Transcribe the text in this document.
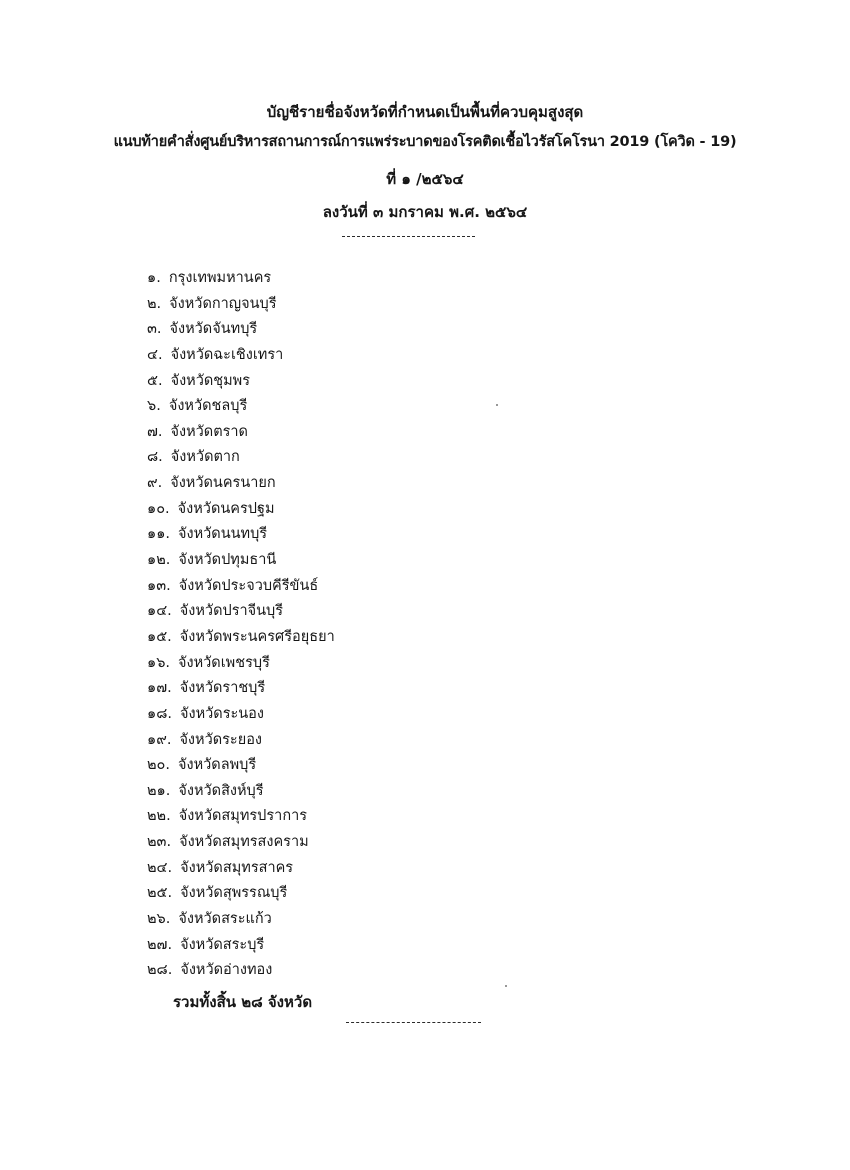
บัญชีรายชื่อจังหวัดที่กำหนดเป็นพื้นที่ควบคุมสูงสุด
แนบท้ายคำสั่งศูนย์บริหารสถานการณ์การแพร่ระบาดของโรคติดเชื้อไวรัสโคโรนา 2019 (โควิด - 19)
ที่ ๑ /๒๕๖๔
ลงวันที่ ๓ มกราคม พ.ศ. ๒๕๖๔
๑. กรุงเทพมหานคร
๒. จังหวัดกาญจนบุรี
๓. จังหวัดจันทบุรี
๔. จังหวัดฉะเชิงเทรา
๕. จังหวัดชุมพร
๖. จังหวัดชลบุรี
๗. จังหวัดตราด
๘. จังหวัดตาก
๙. จังหวัดนครนายก
๑๐. จังหวัดนครปฐม
๑๑. จังหวัดนนทบุรี
๑๒. จังหวัดปทุมธานี
๑๓. จังหวัดประจวบคีรีขันธ์
๑๔. จังหวัดปราจีนบุรี
๑๕. จังหวัดพระนครศรีอยุธยา
๑๖. จังหวัดเพชรบุรี
๑๗. จังหวัดราชบุรี
๑๘. จังหวัดระนอง
๑๙. จังหวัดระยอง
๒๐. จังหวัดลพบุรี
๒๑. จังหวัดสิงห์บุรี
๒๒. จังหวัดสมุทรปราการ
๒๓. จังหวัดสมุทรสงคราม
๒๔. จังหวัดสมุทรสาคร
๒๕. จังหวัดสุพรรณบุรี
๒๖. จังหวัดสระแก้ว
๒๗. จังหวัดสระบุรี
๒๘. จังหวัดอ่างทอง
รวมทั้งสิ้น ๒๘ จังหวัด
